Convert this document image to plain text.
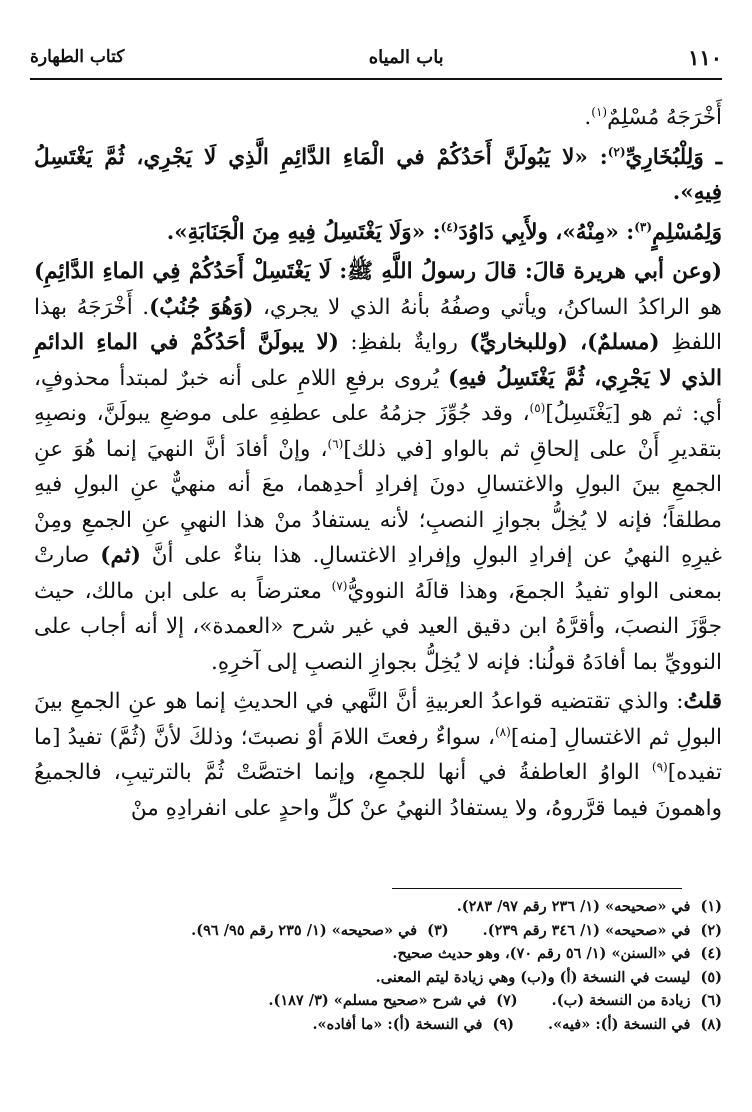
كتاب الطهارة	باب المياه	١١٠

أَخْرَجَهُ مُسْلِمٌ$^{(١)}$.

ـ وَلِلْبُخَارِيِّ$^{(٢)}$: «لا يَبُولَنَّ أَحَدُكُمْ في الْمَاءِ الدَّائِمِ الَّذِي لَا يَجْرِي، ثُمَّ يَغْتَسِلُ فِيهِ».

وَلِمُسْلِمٍ$^{(٣)}$: «مِنْهُ»، ولأَبِي دَاوُدَ$^{(٤)}$: «وَلَا يَغْتَسِلُ فِيهِ مِنَ الْجَنَابَةِ».

(وعن أبي هريرة قالَ: قالَ رسولُ اللَّهِ ﷺ: لَا يَغْتَسِلْ أَحَدُكُمْ فِي الماءِ الدَّائِمِ) هو الراكدُ الساكنُ، ويأتي وصفُهُ بأنهُ الذي لا يجري، (وَهُوَ جُنُبٌ). أَخْرَجَهُ بهذا اللفظِ (مسلمٌ)، (وللبخاريِّ) روايةٌ بلفظِ: (لا يبولَنَّ أحَدُكُمْ في الماءِ الدائمِ الذي لا يَجْرِي، ثُمَّ يَغْتَسِلُ فيهِ) يُروى برفعِ اللامِ على أنه خبرٌ لمبتدأ محذوفٍ، أي: ثم هو [يَغْتَسِلُ]$^{(٥)}$، وقد جُوِّزَ جزمُهُ على عطفِهِ على موضعِ يبولَنَّ، ونصبِهِ بتقديرِ أَنْ على إلحاقِ ثم بالواو [في ذلك]$^{(٦)}$، وإنْ أفادَ أنَّ النهيَ إنما هُوَ عنِ الجمعِ بينَ البولِ والاغتسالِ دونَ إفرادِ أحدِهما، معَ أنه منهيٌّ عنِ البولِ فيهِ مطلقاً؛ فإنه لا يُخِلُّ بجوازِ النصبِ؛ لأنه يستفادُ منْ هذا النهيِ عنِ الجمعِ ومِنْ غيرِهِ النهيُ عن إفرادِ البولِ وإفرادِ الاغتسالِ. هذا بناءٌ على أنَّ (ثم) صارتْ بمعنى الواو تفيدُ الجمعَ، وهذا قالَهُ النوويُّ$^{(٧)}$ معترضاً به على ابن مالك، حيث جوَّزَ النصبَ، وأقرَّهُ ابن دقيق العيد في غير شرح «العمدة»، إلا أنه أجاب على النوويِّ بما أفادَهُ قولُنا: فإنه لا يُخِلُّ بجوازِ النصبِ إلى آخرِهِ.

قلتُ: والذي تقتضيه قواعدُ العربيةِ أنَّ النَّهي في الحديثِ إنما هو عنِ الجمعِ بينَ البولِ ثم الاغتسالِ [منه]$^{(٨)}$، سواءٌ رفعتَ اللامَ أوْ نصبتَ؛ وذلكَ لأنَّ (ثُمَّ) تفيدُ [ما تفيده]$^{(٩)}$ الواوُ العاطفةُ في أنها للجمعِ، وإنما اختصَّتْ ثُمَّ بالترتيبِ، فالجميعُ واهمونَ فيما قرَّروهُ، ولا يستفادُ النهيُ عنْ كلِّ واحدٍ على انفرادِهِ منْ

(١)في «صحيحه» (١/ ٢٣٦ رقم ٩٧/ ٢٨٣).
(٢)في «صحيحه» (١/ ٣٤٦ رقم ٢٣٩).
(٣)في «صحيحه» (١/ ٢٣٥ رقم ٩٥/ ٩٦).
(٤)في «السنن» (١/ ٥٦ رقم ٧٠)، وهو حديث صحيح.
(٥)ليست في النسخة (أ) و(ب) وهي زيادة ليتم المعنى.
(٦)زيادة من النسخة (ب).
(٧)في شرح «صحيح مسلم» (٣/ ١٨٧).
(٨)في النسخة (أ): «فيه».
(٩)في النسخة (أ): «ما أفاده».
